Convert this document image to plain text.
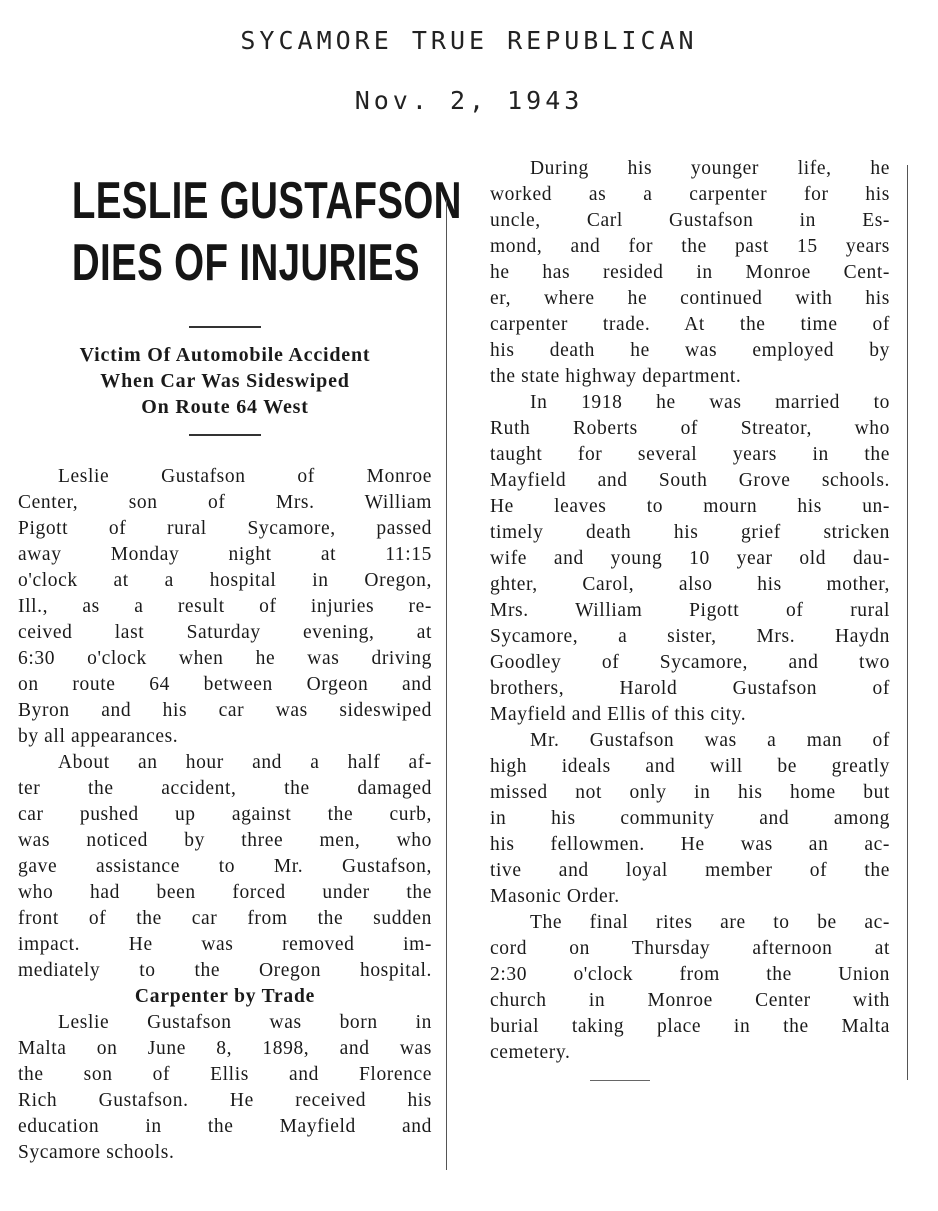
SYCAMORE TRUE REPUBLICAN
Nov. 2, 1943
LESLIE GUSTAFSON
DIES OF INJURIES
Victim Of Automobile Accident
When Car Was Sideswiped
On Route 64 West
Leslie Gustafson of Monroe
Center, son of Mrs. William
Pigott of rural Sycamore, passed
away Monday night at 11:15
o'clock at a hospital in Oregon,
Ill., as a result of injuries re-
ceived last Saturday evening, at
6:30 o'clock when he was driving
on route 64 between Orgeon and
Byron and his car was sideswiped
by all appearances.
About an hour and a half af-
ter the accident, the damaged
car pushed up against the curb,
was noticed by three men, who
gave assistance to Mr. Gustafson,
who had been forced under the
front of the car from the sudden
impact. He was removed im-
mediately to the Oregon hospital.
Carpenter by Trade
Leslie Gustafson was born in
Malta on June 8, 1898, and was
the son of Ellis and Florence
Rich Gustafson. He received his
education in the Mayfield and
Sycamore schools.
During his younger life, he
worked as a carpenter for his
uncle, Carl Gustafson in Es-
mond, and for the past 15 years
he has resided in Monroe Cent-
er, where he continued with his
carpenter trade. At the time of
his death he was employed by
the state highway department.
In 1918 he was married to
Ruth Roberts of Streator, who
taught for several years in the
Mayfield and South Grove schools.
He leaves to mourn his un-
timely death his grief stricken
wife and young 10 year old dau-
ghter, Carol, also his mother,
Mrs. William Pigott of rural
Sycamore, a sister, Mrs. Haydn
Goodley of Sycamore, and two
brothers, Harold Gustafson of
Mayfield and Ellis of this city.
Mr. Gustafson was a man of
high ideals and will be greatly
missed not only in his home but
in his community and among
his fellowmen. He was an ac-
tive and loyal member of the
Masonic Order.
The final rites are to be ac-
cord on Thursday afternoon at
2:30 o'clock from the Union
church in Monroe Center with
burial taking place in the Malta
cemetery.
